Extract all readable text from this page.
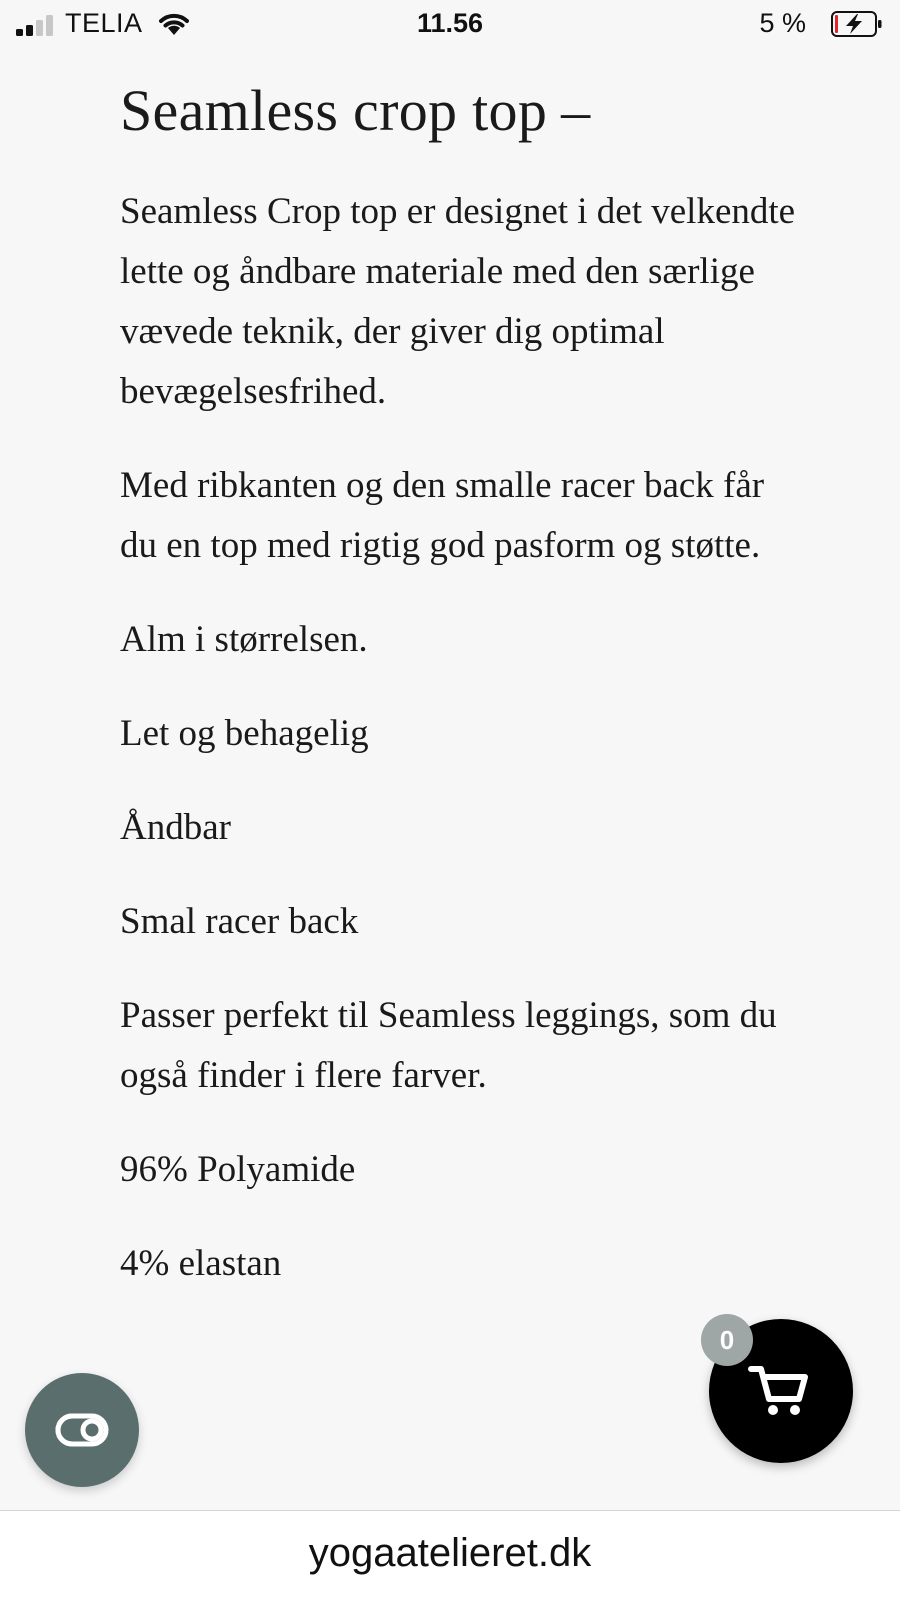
TELIA	11.56	5 %
Seamless crop top –

Seamless Crop top er designet i det velkendte lette og åndbare materiale med den særlige vævede teknik, der giver dig optimal bevægelsesfrihed.

Med ribkanten og den smalle racer back får du en top med rigtig god pasform og støtte.

Alm i størrelsen.

Let og behagelig

Åndbar

Smal racer back

Passer perfekt til Seamless leggings, som du også finder i flere farver.

96% Polyamide

4% elastan

0
yogaatelieret.dk
